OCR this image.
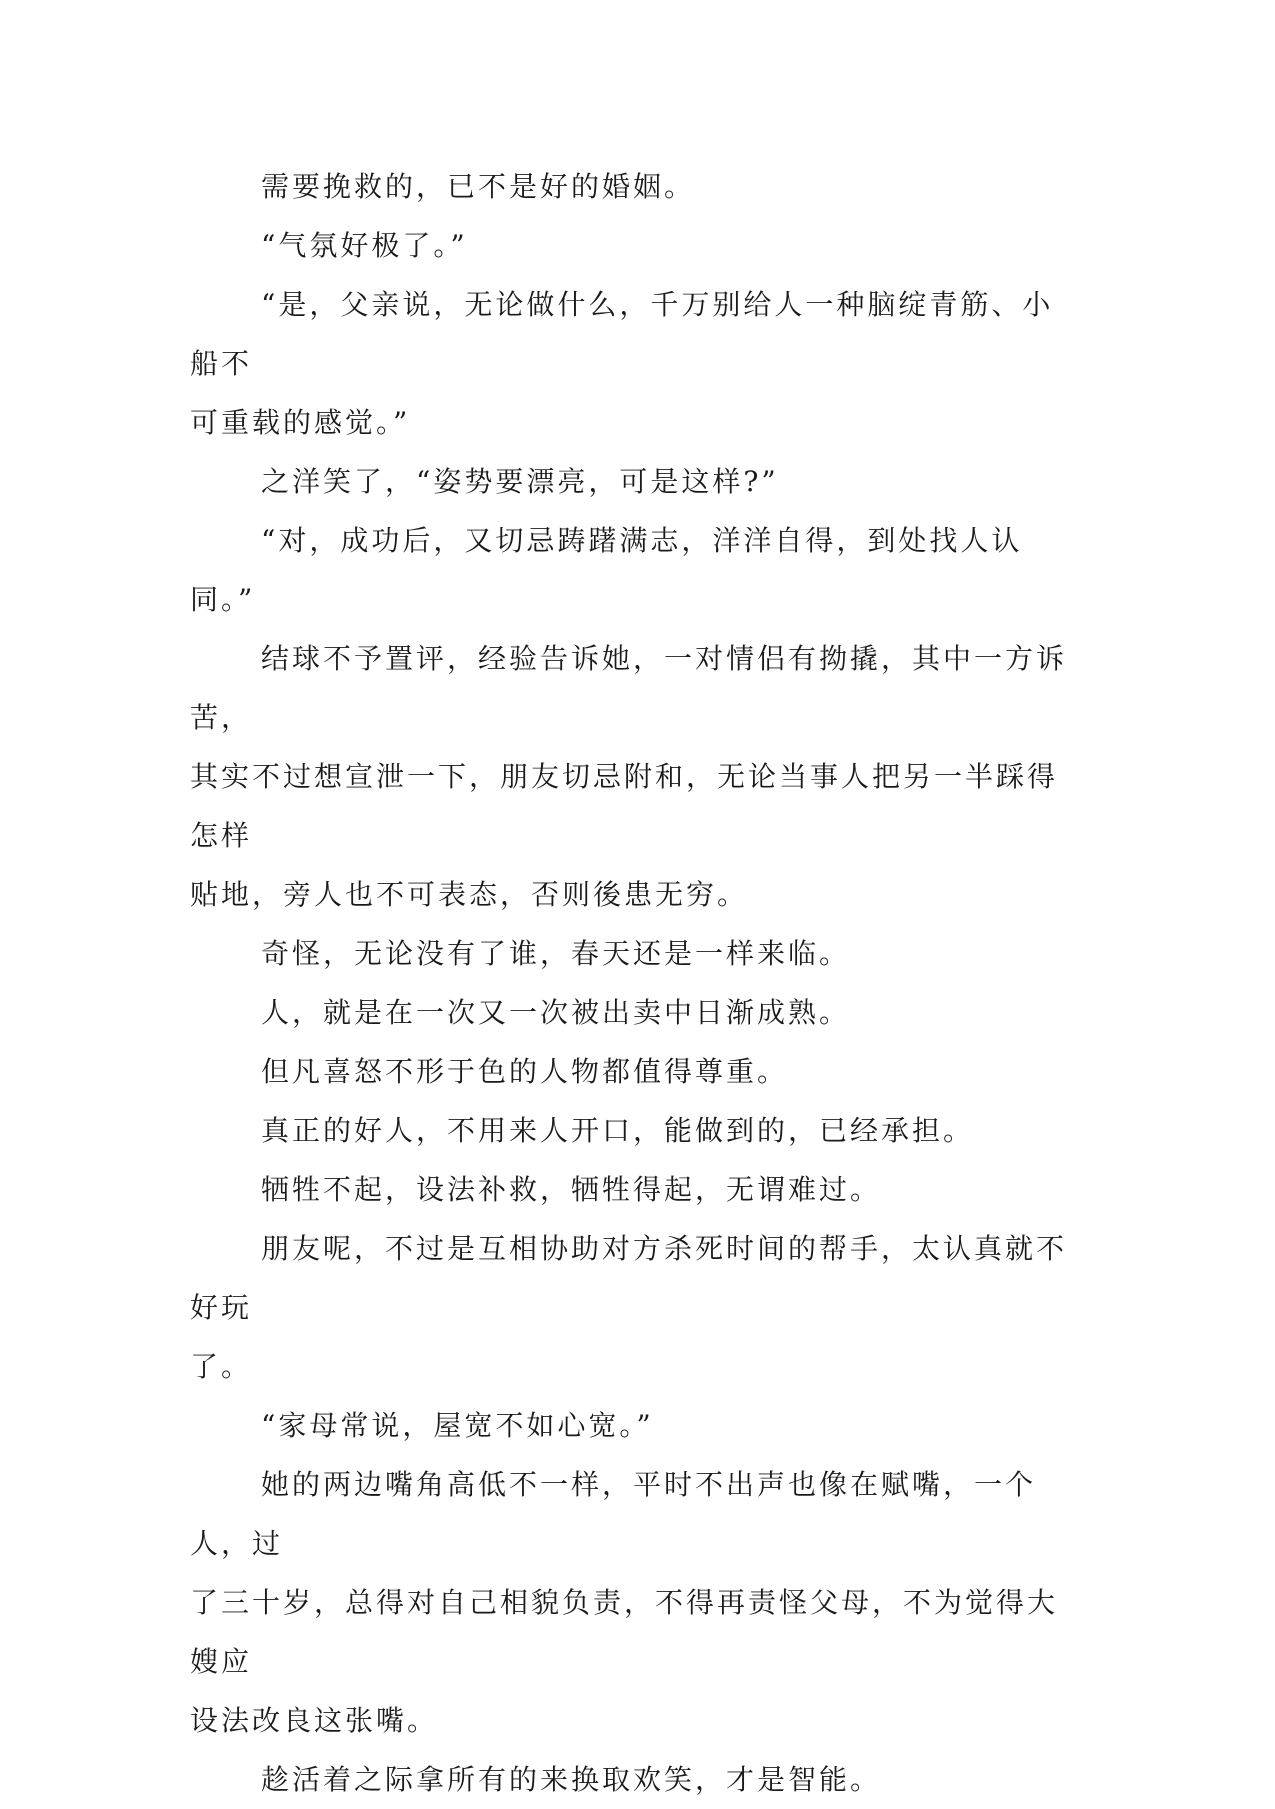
需要挽救的，已不是好的婚姻。

“气氛好极了。”

“是，父亲说，无论做什么，千万别给人一种脑绽青筋、小船不
可重载的感觉。”

之洋笑了，“姿势要漂亮，可是这样?”

“对，成功后，又切忌踌躇满志，洋洋自得，到处找人认同。”

结球不予置评，经验告诉她，一对情侣有拗撬，其中一方诉苦，
其实不过想宣泄一下，朋友切忌附和，无论当事人把另一半踩得怎样
贴地，旁人也不可表态，否则後患无穷。

奇怪，无论没有了谁，春天还是一样来临。

人，就是在一次又一次被出卖中日渐成熟。

但凡喜怒不形于色的人物都值得尊重。

真正的好人，不用来人开口，能做到的，已经承担。

牺牲不起，设法补救，牺牲得起，无谓难过。

朋友呢，不过是互相协助对方杀死时间的帮手，太认真就不好玩
了。

“家母常说，屋宽不如心宽。”

她的两边嘴角高低不一样，平时不出声也像在赋嘴，一个人，过
了三十岁，总得对自己相貌负责，不得再责怪父母，不为觉得大嫂应
设法改良这张嘴。

趁活着之际拿所有的来换取欢笑，才是智能。
